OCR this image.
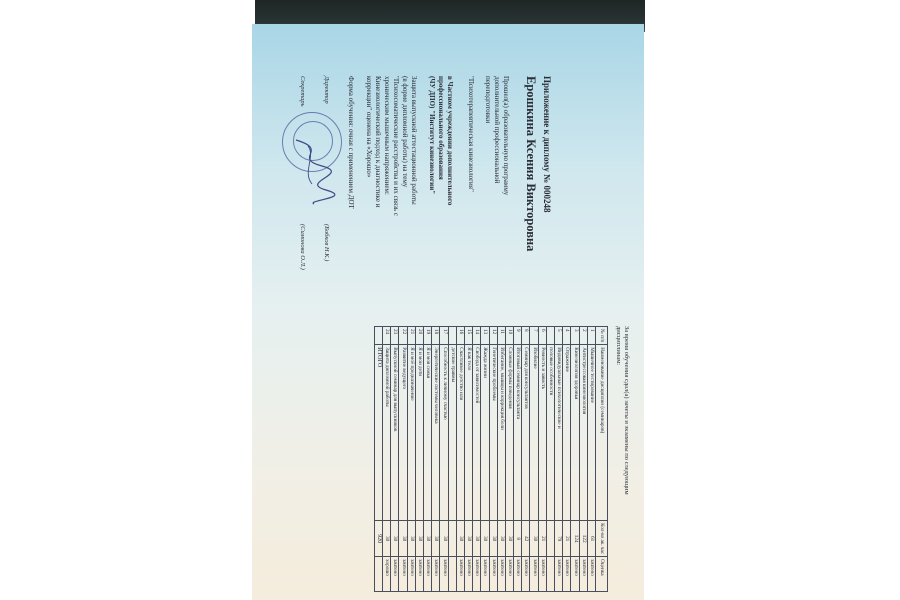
Приложение к диплому № 000248
Ерошкина Ксения Викторовна
Прошел(а) образовательную программу
дополнительной профессиональной
переподготовки
"Психотерапевтическая кинезиология"
в Частном учреждении дополнительного
профессионального образования
(ЧУ ДПО) "Институт кинезиологии"
Защита выпускной аттестационной работы
(в форме дипломной работы) на тему
"Психосоматические расстройства и их связь с
хроническим мышечным напряжением:
Кинезиологический подход к диагностике и
коррекции" оценена на «Хорошо»
Форма обучения: очная с применением ДОТ
Директор
(Бобков Н.К.)
Секретарь
(Симонова О.Л.)
За время обучения сдал(а) зачеты и экзамены по следующим
дисциплинам:
№ п/п	Наименование дисциплин (семинаров)	Кол-во ак. час	Оценка
1	Мышечное тестирование	61	зачтено
2	Антистрессовая кинезиология	122	зачтено
3	Кинезиология здоровья	124	зачтено
4	Отражение	21	зачтено
5	Индивидуальные психологические и	79	зачтено
	половые особенности		
6	Ревность и зависть	21	зачтено
7	Изобилие	30	зачтено
8	Семинар для консультантов	42	зачтено
9	Итоговый семинар консультанта	8	зачтено
10	Сложные формы поведения	30	зачтено
11	Избегание, мышцы и коррекция боли	30	зачтено
12	Генетические проблемы	30	зачтено
13	Жажда жизни	30	зачтено
14	Свобода от зависимостей	30	зачтено
15	Я как тело	30	зачтено
16	Счастливое детство или	30	зачтено
	детские травмы		
17	Способность к личному счастью	30	зачтено
18	Энергетические системы человека	30	зачтено
19	Я и моя семья	30	зачтено
20	Я и мои дети	30	зачтено
21	Я и моё предназначение	30	зачтено
22	Развитие ведущего	30	зачтено
23	Выпускной семинар для выпускников	30	зачтено
24	Защита дипломной работы	30	хорошо
	ИТОГО	920	
